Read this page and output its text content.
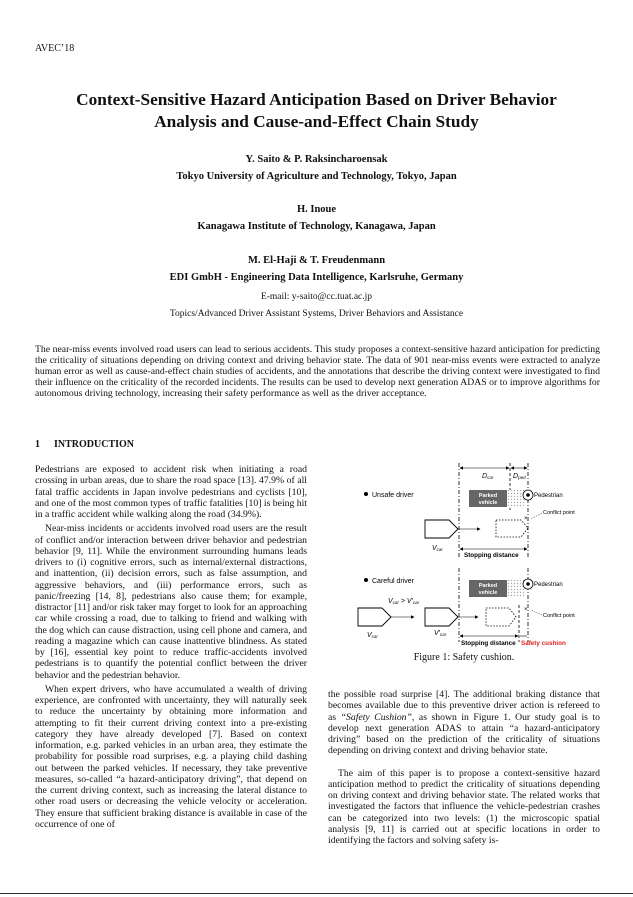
AVEC’18
Context-Sensitive Hazard Anticipation Based on Driver Behavior
Analysis and Cause-and-Effect Chain Study
Y. Saito & P. Raksincharoensak
Tokyo University of Agriculture and Technology, Tokyo, Japan
H. Inoue
Kanagawa Institute of Technology, Kanagawa, Japan
M. El-Haji & T. Freudenmann
EDI GmbH - Engineering Data Intelligence, Karlsruhe, Germany
E-mail: y-saito@cc.tuat.ac.jp
Topics/Advanced Driver Assistant Systems, Driver Behaviors and Assistance
The near-miss events involved road users can lead to serious accidents. This study proposes a context-sensitive hazard anticipation for predicting the criticality of situations depending on driving context and driving behavior state. The data of 901 near-miss events were extracted to analyze human error as well as cause-and-effect chain studies of accidents, and the annotations that describe the driving context were investigated to find their influence on the criticality of the recorded incidents. The results can be used to develop next generation ADAS or to improve algorithms for autonomous driving technology, increasing their safety performance as well as the driver acceptance.
1 INTRODUCTION

Pedestrians are exposed to accident risk when initiating a road crossing in urban areas, due to share the road space [13]. 47.9% of all fatal traffic accidents in Japan involve pedestrians and cyclists [10], and one of the most common types of traffic fatalities [10] is being hit in a traffic accident while walking along the road (34.9%).

Near-miss incidents or accidents involved road users are the result of conflict and/or interaction between driver behavior and pedestrian behavior [9, 11]. While the environment surrounding humans leads drivers to (i) cognitive errors, such as internal/external distractions, and inattention, (ii) decision errors, such as false assumption, and aggressive behaviors, and (iii) performance errors, such as panic/freezing [14, 8], pedestrians also cause them; for example, distractor [11] and/or risk taker may forget to look for an approaching car while crossing a road, due to talking to friend and walking with the dog which can cause distraction, using cell phone and camera, and reading a magazine which can cause inattentive blindness. As stated by [16], essential key point to reduce traffic-accidents involved pedestrians is to quantify the potential conflict between the driver behavior and the pedestrian behavior.

When expert drivers, who have accumulated a wealth of driving experience, are confronted with uncertainty, they will naturally seek to reduce the uncertainty by obtaining more information and attempting to fit their current driving context into a pre-existing category they have already developed [7]. Based on context information, e.g. parked vehicles in an urban area, they estimate the probability for possible road surprises, e.g. a playing child dashing out between the parked vehicles. If necessary, they take preventive measures, so-called “a hazard-anticipatory driving”, that depend on the current driving context, such as increasing the lateral distance to other road users or decreasing the vehicle velocity or acceleration. They ensure that sufficient braking distance is available in case of the occurrence of one of

Unsafe driver
Dcar	Dped
Parked
vehicle
Pedestrian
×
Conflict point
Vcar
Stopping distance
Careful driver
Parked
vehicle
Pedestrian
Vcar > V′car
×
Conflict point
Vcar	V′car
Stopping distance Safety cushion
Figure 1: Safety cushion.

the possible road surprise [4]. The additional braking distance that becomes available due to this preventive driver action is refereed to as “Safety Cushion”, as shown in Figure 1. Our study goal is to develop next generation ADAS to attain “a hazard-anticipatory driving” based on the prediction of the criticality of situations depending on driving context and driving behavior state.

The aim of this paper is to propose a context-sensitive hazard anticipation method to predict the criticality of situations depending on driving context and driving behavior state. The related works that investigated the factors that influence the vehicle-pedestrian crashes can be categorized into two levels: (1) the microscopic spatial analysis [9, 11] is carried out at specific locations in order to identifying the factors and solving safety is-
